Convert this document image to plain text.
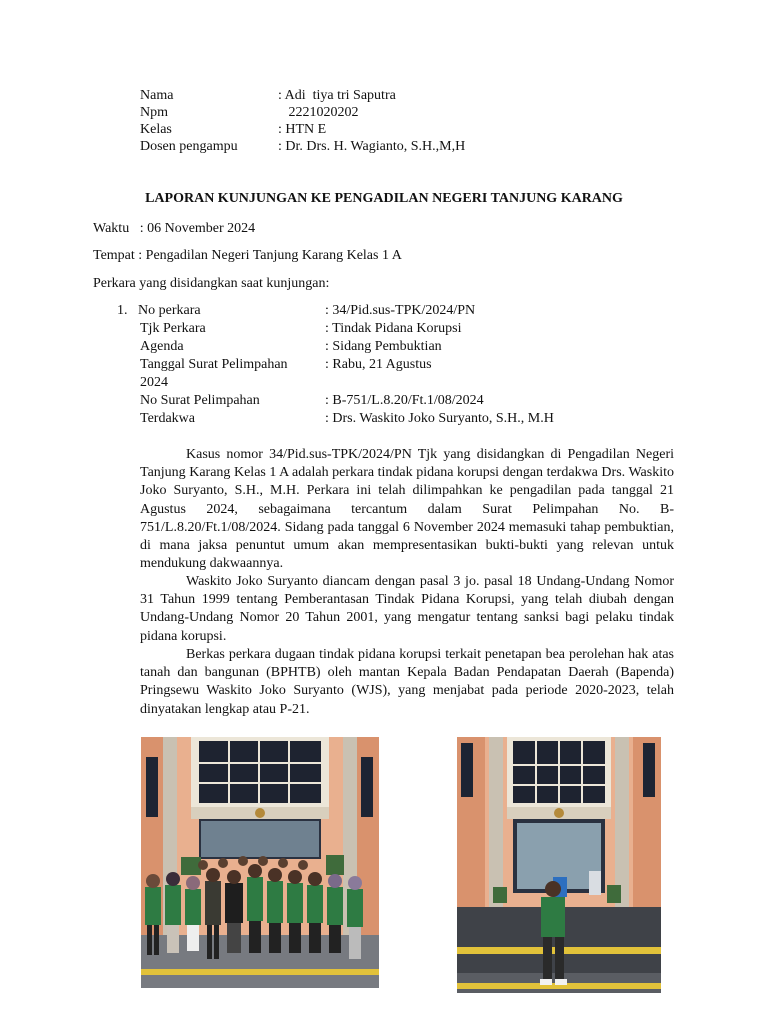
Nama
Npm
Kelas
Dosen pengampu
: Adi  tiya tri Saputra
2221020202
: HTN E
: Dr. Drs. H. Wagianto, S.H.,M,H
LAPORAN KUNJUNGAN KE PENGADILAN NEGERI TANJUNG KARANG
Waktu   : 06 November 2024
Tempat : Pengadilan Negeri Tanjung Karang Kelas 1 A
Perkara yang disidangkan saat kunjungan:
1. No perkara
Tjk Perkara
Agenda
Tanggal Surat Pelimpahan
2024
No Surat Pelimpahan
Terdakwa
: 34/Pid.sus-TPK/2024/PN
: Tindak Pidana Korupsi
: Sidang Pembuktian
: Rabu, 21 Agustus
: B-751/L.8.20/Ft.1/08/2024
: Drs. Waskito Joko Suryanto, S.H., M.H

Kasus nomor 34/Pid.sus-TPK/2024/PN Tjk yang disidangkan di Pengadilan Negeri Tanjung Karang Kelas 1 A adalah perkara tindak pidana korupsi dengan terdakwa Drs. Waskito Joko Suryanto, S.H., M.H. Perkara ini telah dilimpahkan ke pengadilan pada tanggal 21 Agustus 2024, sebagaimana tercantum dalam Surat Pelimpahan No. B-751/L.8.20/Ft.1/08/2024. Sidang pada tanggal 6 November 2024 memasuki tahap pembuktian, di mana jaksa penuntut umum akan mempresentasikan bukti-bukti yang relevan untuk mendukung dakwaannya.

Waskito Joko Suryanto diancam dengan pasal 3 jo. pasal 18 Undang-Undang Nomor 31 Tahun 1999 tentang Pemberantasan Tindak Pidana Korupsi, yang telah diubah dengan Undang-Undang Nomor 20 Tahun 2001, yang mengatur tentang sanksi bagi pelaku tindak pidana korupsi.

Berkas perkara dugaan tindak pidana korupsi terkait penetapan bea perolehan hak atas tanah dan bangunan (BPHTB) oleh mantan Kepala Badan Pendapatan Daerah (Bapenda) Pringsewu Waskito Joko Suryanto (WJS), yang menjabat pada periode 2020-2023, telah dinyatakan lengkap atau P-21.
